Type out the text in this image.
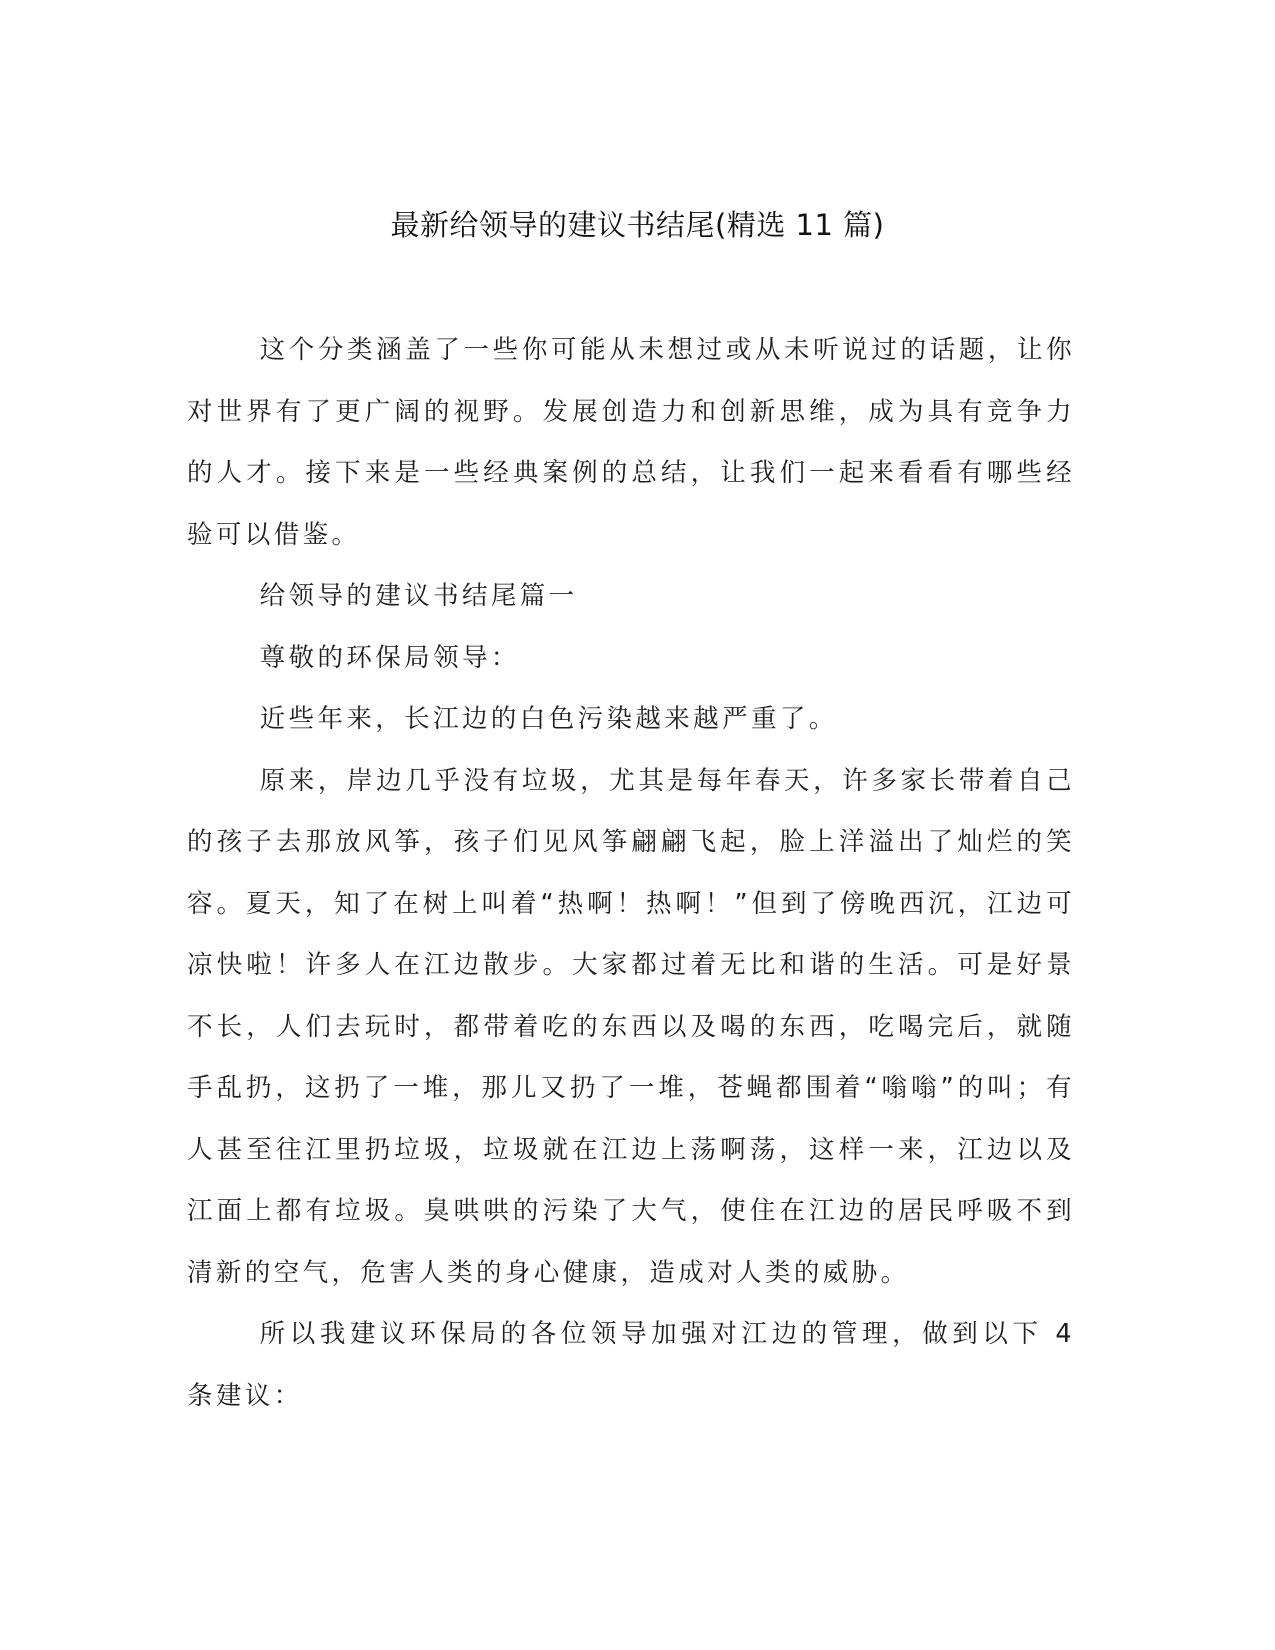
最新给领导的建议书结尾(精选 11 篇)

这个分类涵盖了一些你可能从未想过或从未听说过的话题，让你对世界有了更广阔的视野。发展创造力和创新思维，成为具有竞争力的人才。接下来是一些经典案例的总结，让我们一起来看看有哪些经验可以借鉴。

给领导的建议书结尾篇一

尊敬的环保局领导：

近些年来，长江边的白色污染越来越严重了。

原来，岸边几乎没有垃圾，尤其是每年春天，许多家长带着自己的孩子去那放风筝，孩子们见风筝翩翩飞起，脸上洋溢出了灿烂的笑容。夏天，知了在树上叫着“热啊！热啊！”但到了傍晚西沉，江边可凉快啦！许多人在江边散步。大家都过着无比和谐的生活。可是好景不长，人们去玩时，都带着吃的东西以及喝的东西，吃喝完后，就随手乱扔，这扔了一堆，那儿又扔了一堆，苍蝇都围着“嗡嗡”的叫；有人甚至往江里扔垃圾，垃圾就在江边上荡啊荡，这样一来，江边以及江面上都有垃圾。臭哄哄的污染了大气，使住在江边的居民呼吸不到清新的空气，危害人类的身心健康，造成对人类的威胁。

所以我建议环保局的各位领导加强对江边的管理，做到以下 4 条建议：
